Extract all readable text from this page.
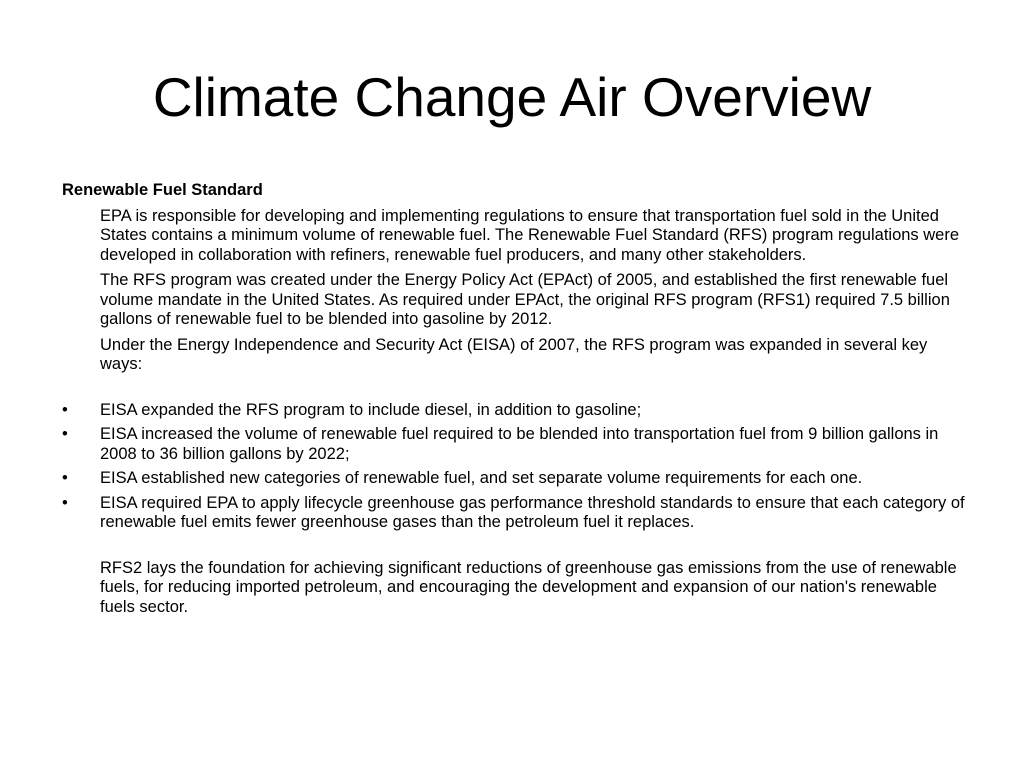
Climate Change Air Overview
Renewable Fuel Standard

EPA is responsible for developing and implementing regulations to ensure that transportation fuel sold in the United States contains a minimum volume of renewable fuel. The Renewable Fuel Standard (RFS) program regulations were developed in collaboration with refiners, renewable fuel producers, and many other stakeholders.

The RFS program was created under the Energy Policy Act (EPAct) of 2005, and established the first renewable fuel volume mandate in the United States. As required under EPAct, the original RFS program (RFS1) required 7.5 billion gallons of renewable fuel to be blended into gasoline by 2012.

Under the Energy Independence and Security Act (EISA) of 2007, the RFS program was expanded in several key ways:

•	EISA expanded the RFS program to include diesel, in addition to gasoline;
•	EISA increased the volume of renewable fuel required to be blended into transportation fuel from 9 billion gallons in 2008 to 36 billion gallons by 2022;
•	EISA established new categories of renewable fuel, and set separate volume requirements for each one.
•	EISA required EPA to apply lifecycle greenhouse gas performance threshold standards to ensure that each category of renewable fuel emits fewer greenhouse gases than the petroleum fuel it replaces.

RFS2 lays the foundation for achieving significant reductions of greenhouse gas emissions from the use of renewable fuels, for reducing imported petroleum, and encouraging the development and expansion of our nation's renewable fuels sector.
